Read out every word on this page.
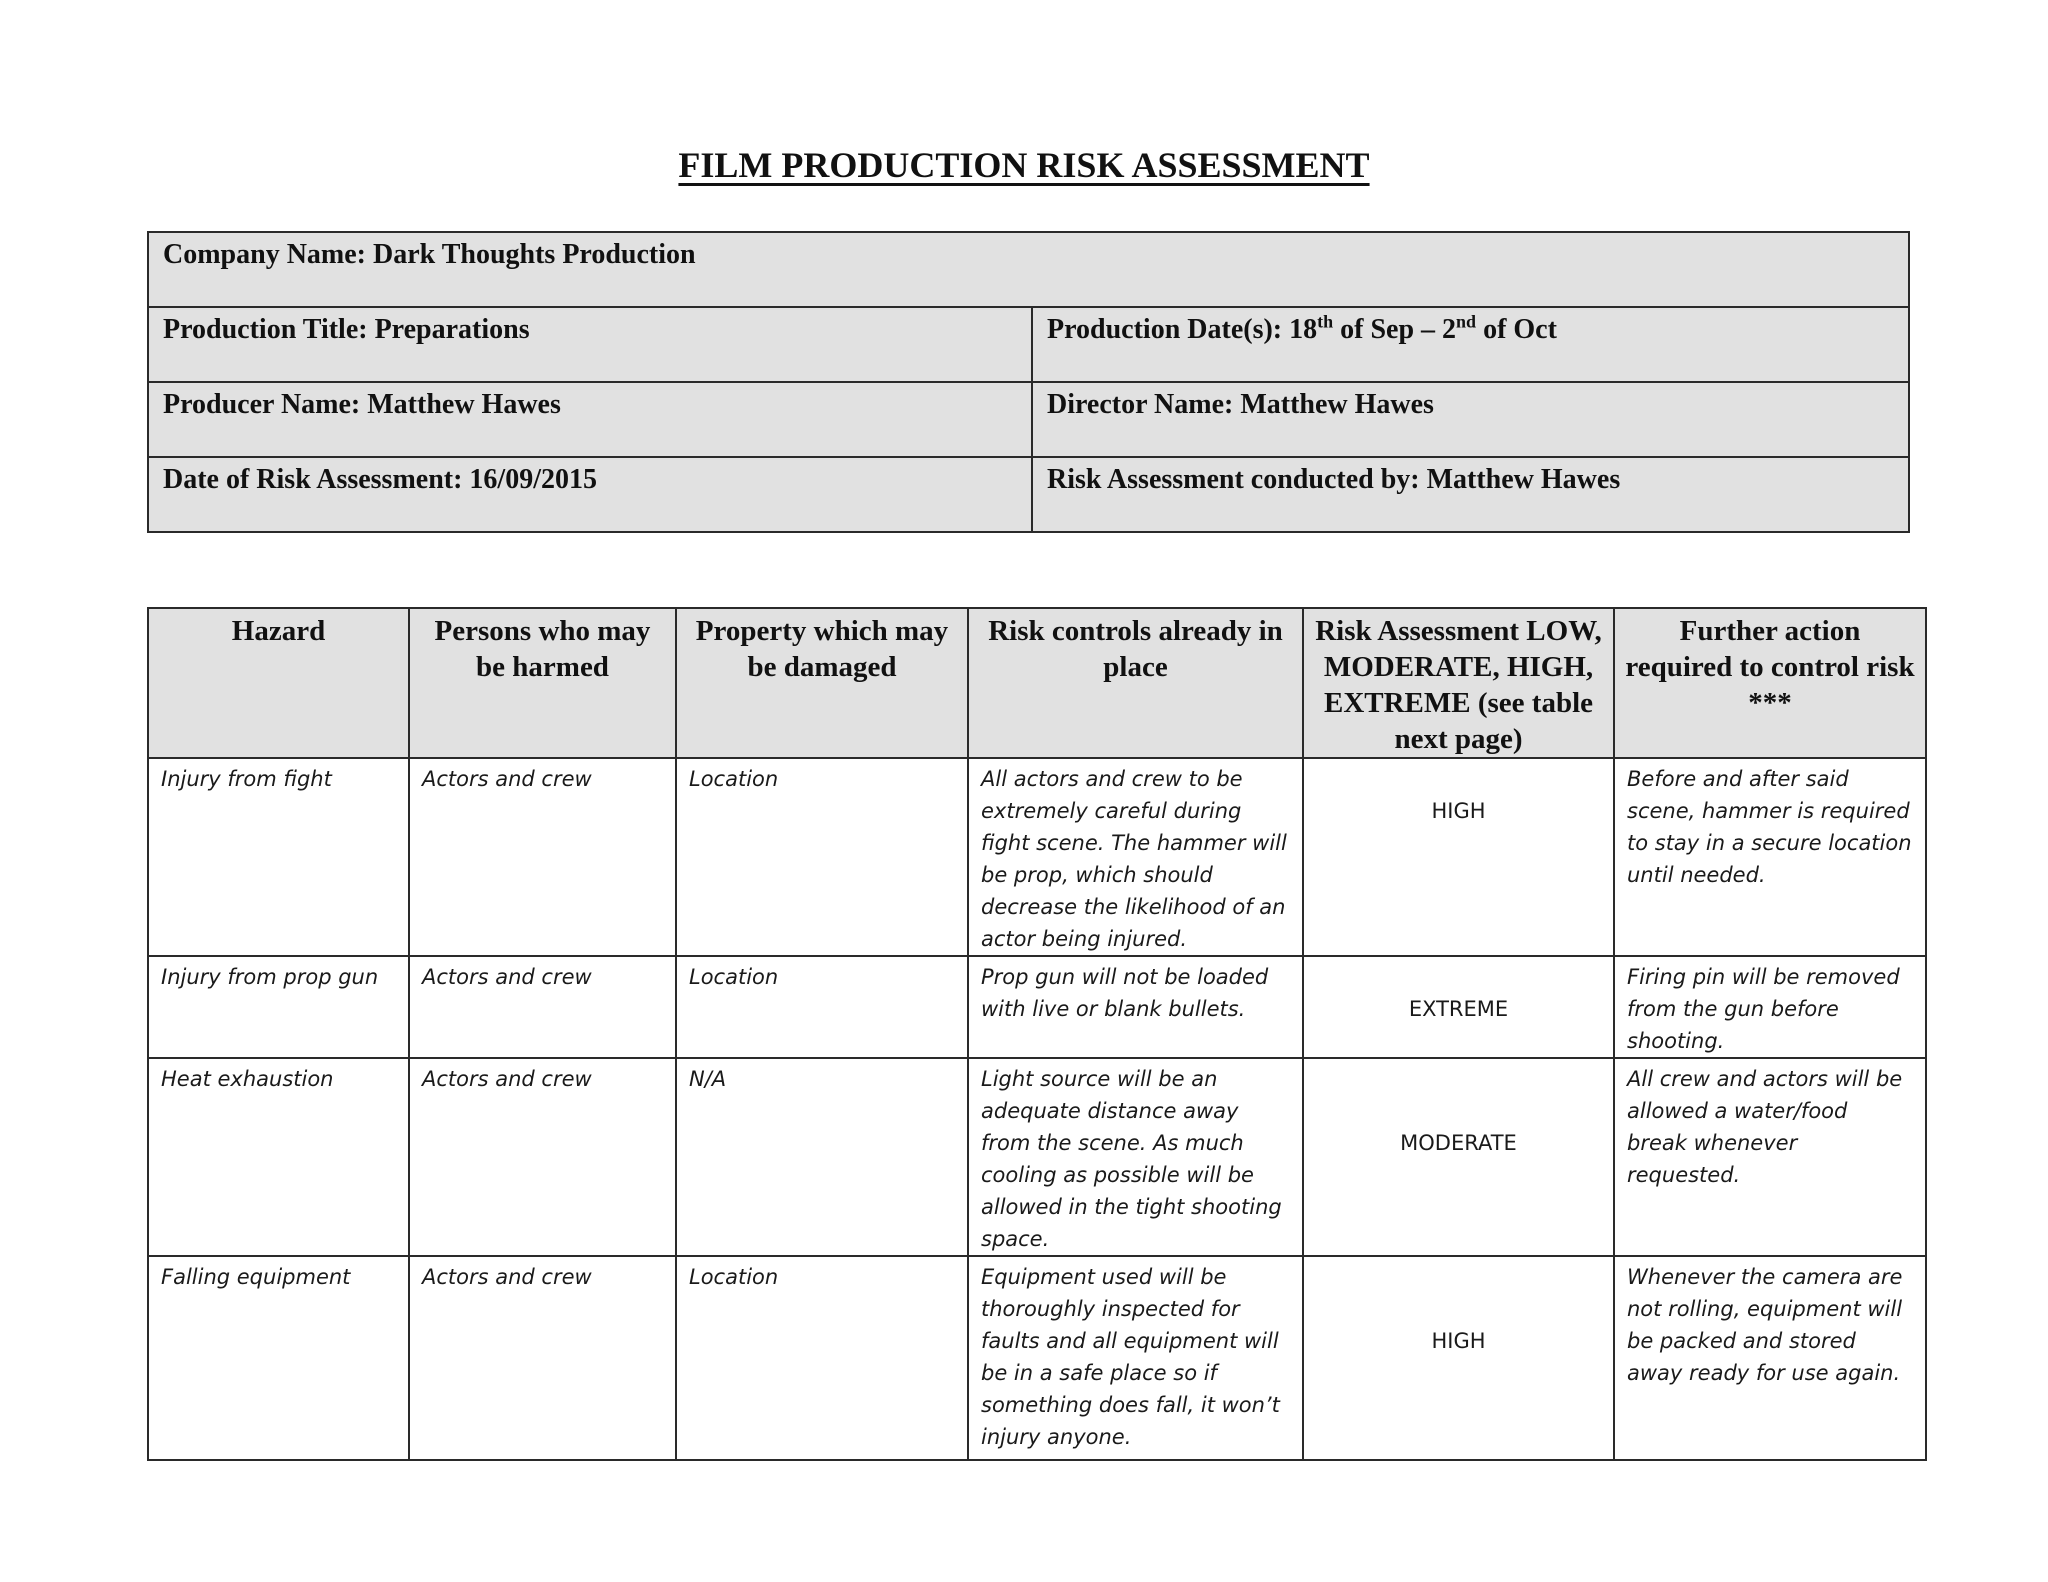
FILM PRODUCTION RISK ASSESSMENT
Company Name: Dark Thoughts Production	
Production Title: Preparations	Production Date(s): 18th of Sep – 2nd of Oct
Producer Name: Matthew Hawes	Director Name: Matthew Hawes
Date of Risk Assessment: 16/09/2015	Risk Assessment conducted by: Matthew Hawes
Hazard	Persons who may be harmed	Property which may be damaged	Risk controls already in place	Risk Assessment LOW, MODERATE, HIGH, EXTREME (see table next page)	Further action required to control risk ***
Injury from fight	Actors and crew	Location	All actors and crew to be extremely careful during fight scene. The hammer will be prop, which should decrease the likelihood of an actor being injured.	HIGH	Before and after said scene, hammer is required to stay in a secure location until needed.
Injury from prop gun	Actors and crew	Location	Prop gun will not be loaded with live or blank bullets.	EXTREME	Firing pin will be removed from the gun before shooting.
Heat exhaustion	Actors and crew	N/A	Light source will be an adequate distance away from the scene. As much cooling as possible will be allowed in the tight shooting space.	MODERATE	All crew and actors will be allowed a water/food break whenever requested.
Falling equipment	Actors and crew	Location	Equipment used will be thoroughly inspected for faults and all equipment will be in a safe place so if something does fall, it won’t injury anyone.	HIGH	Whenever the camera are not rolling, equipment will be packed and stored away ready for use again.
